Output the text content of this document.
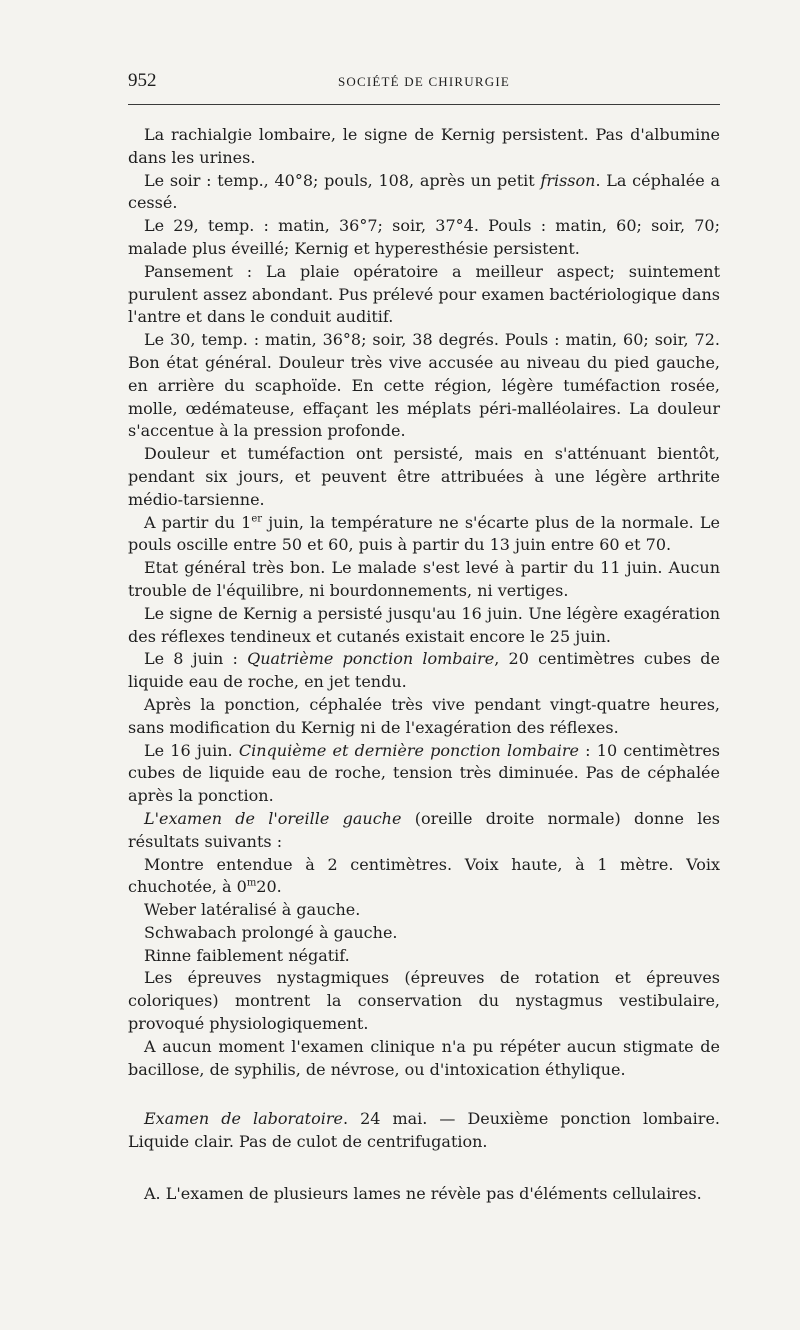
952	SOCIÉTÉ DE CHIRURGIE

La rachialgie lombaire, le signe de Kernig persistent. Pas d'albumine dans les urines.

Le soir : temp., 40°8; pouls, 108, après un petit frisson. La céphalée a cessé.

Le 29, temp. : matin, 36°7; soir, 37°4. Pouls : matin, 60; soir, 70; malade plus éveillé; Kernig et hyperesthésie persistent.

Pansement : La plaie opératoire a meilleur aspect; suintement purulent assez abondant. Pus prélevé pour examen bactériologique dans l'antre et dans le conduit auditif.

Le 30, temp. : matin, 36°8; soir, 38 degrés. Pouls : matin, 60; soir, 72. Bon état général. Douleur très vive accusée au niveau du pied gauche, en arrière du scaphoïde. En cette région, légère tuméfaction rosée, molle, œdémateuse, effaçant les méplats péri-malléolaires. La douleur s'accentue à la pression profonde.

Douleur et tuméfaction ont persisté, mais en s'atténuant bientôt, pendant six jours, et peuvent être attribuées à une légère arthrite médio-tarsienne.

A partir du 1er juin, la température ne s'écarte plus de la normale. Le pouls oscille entre 50 et 60, puis à partir du 13 juin entre 60 et 70.

Etat général très bon. Le malade s'est levé à partir du 11 juin. Aucun trouble de l'équilibre, ni bourdonnements, ni vertiges.

Le signe de Kernig a persisté jusqu'au 16 juin. Une légère exagération des réflexes tendineux et cutanés existait encore le 25 juin.

Le 8 juin : Quatrième ponction lombaire, 20 centimètres cubes de liquide eau de roche, en jet tendu.

Après la ponction, céphalée très vive pendant vingt-quatre heures, sans modification du Kernig ni de l'exagération des réflexes.

Le 16 juin. Cinquième et dernière ponction lombaire : 10 centimètres cubes de liquide eau de roche, tension très diminuée. Pas de céphalée après la ponction.

L'examen de l'oreille gauche (oreille droite normale) donne les résultats suivants :

Montre entendue à 2 centimètres. Voix haute, à 1 mètre. Voix chuchotée, à 0$^m$20.

Weber latéralisé à gauche.

Schwabach prolongé à gauche.

Rinne faiblement négatif.

Les épreuves nystagmiques (épreuves de rotation et épreuves coloriques) montrent la conservation du nystagmus vestibulaire, provoqué physiologiquement.

A aucun moment l'examen clinique n'a pu répéter aucun stigmate de bacillose, de syphilis, de névrose, ou d'intoxication éthylique.

Examen de laboratoire. 24 mai. — Deuxième ponction lombaire. Liquide clair. Pas de culot de centrifugation.

A. L'examen de plusieurs lames ne révèle pas d'éléments cellulaires.
